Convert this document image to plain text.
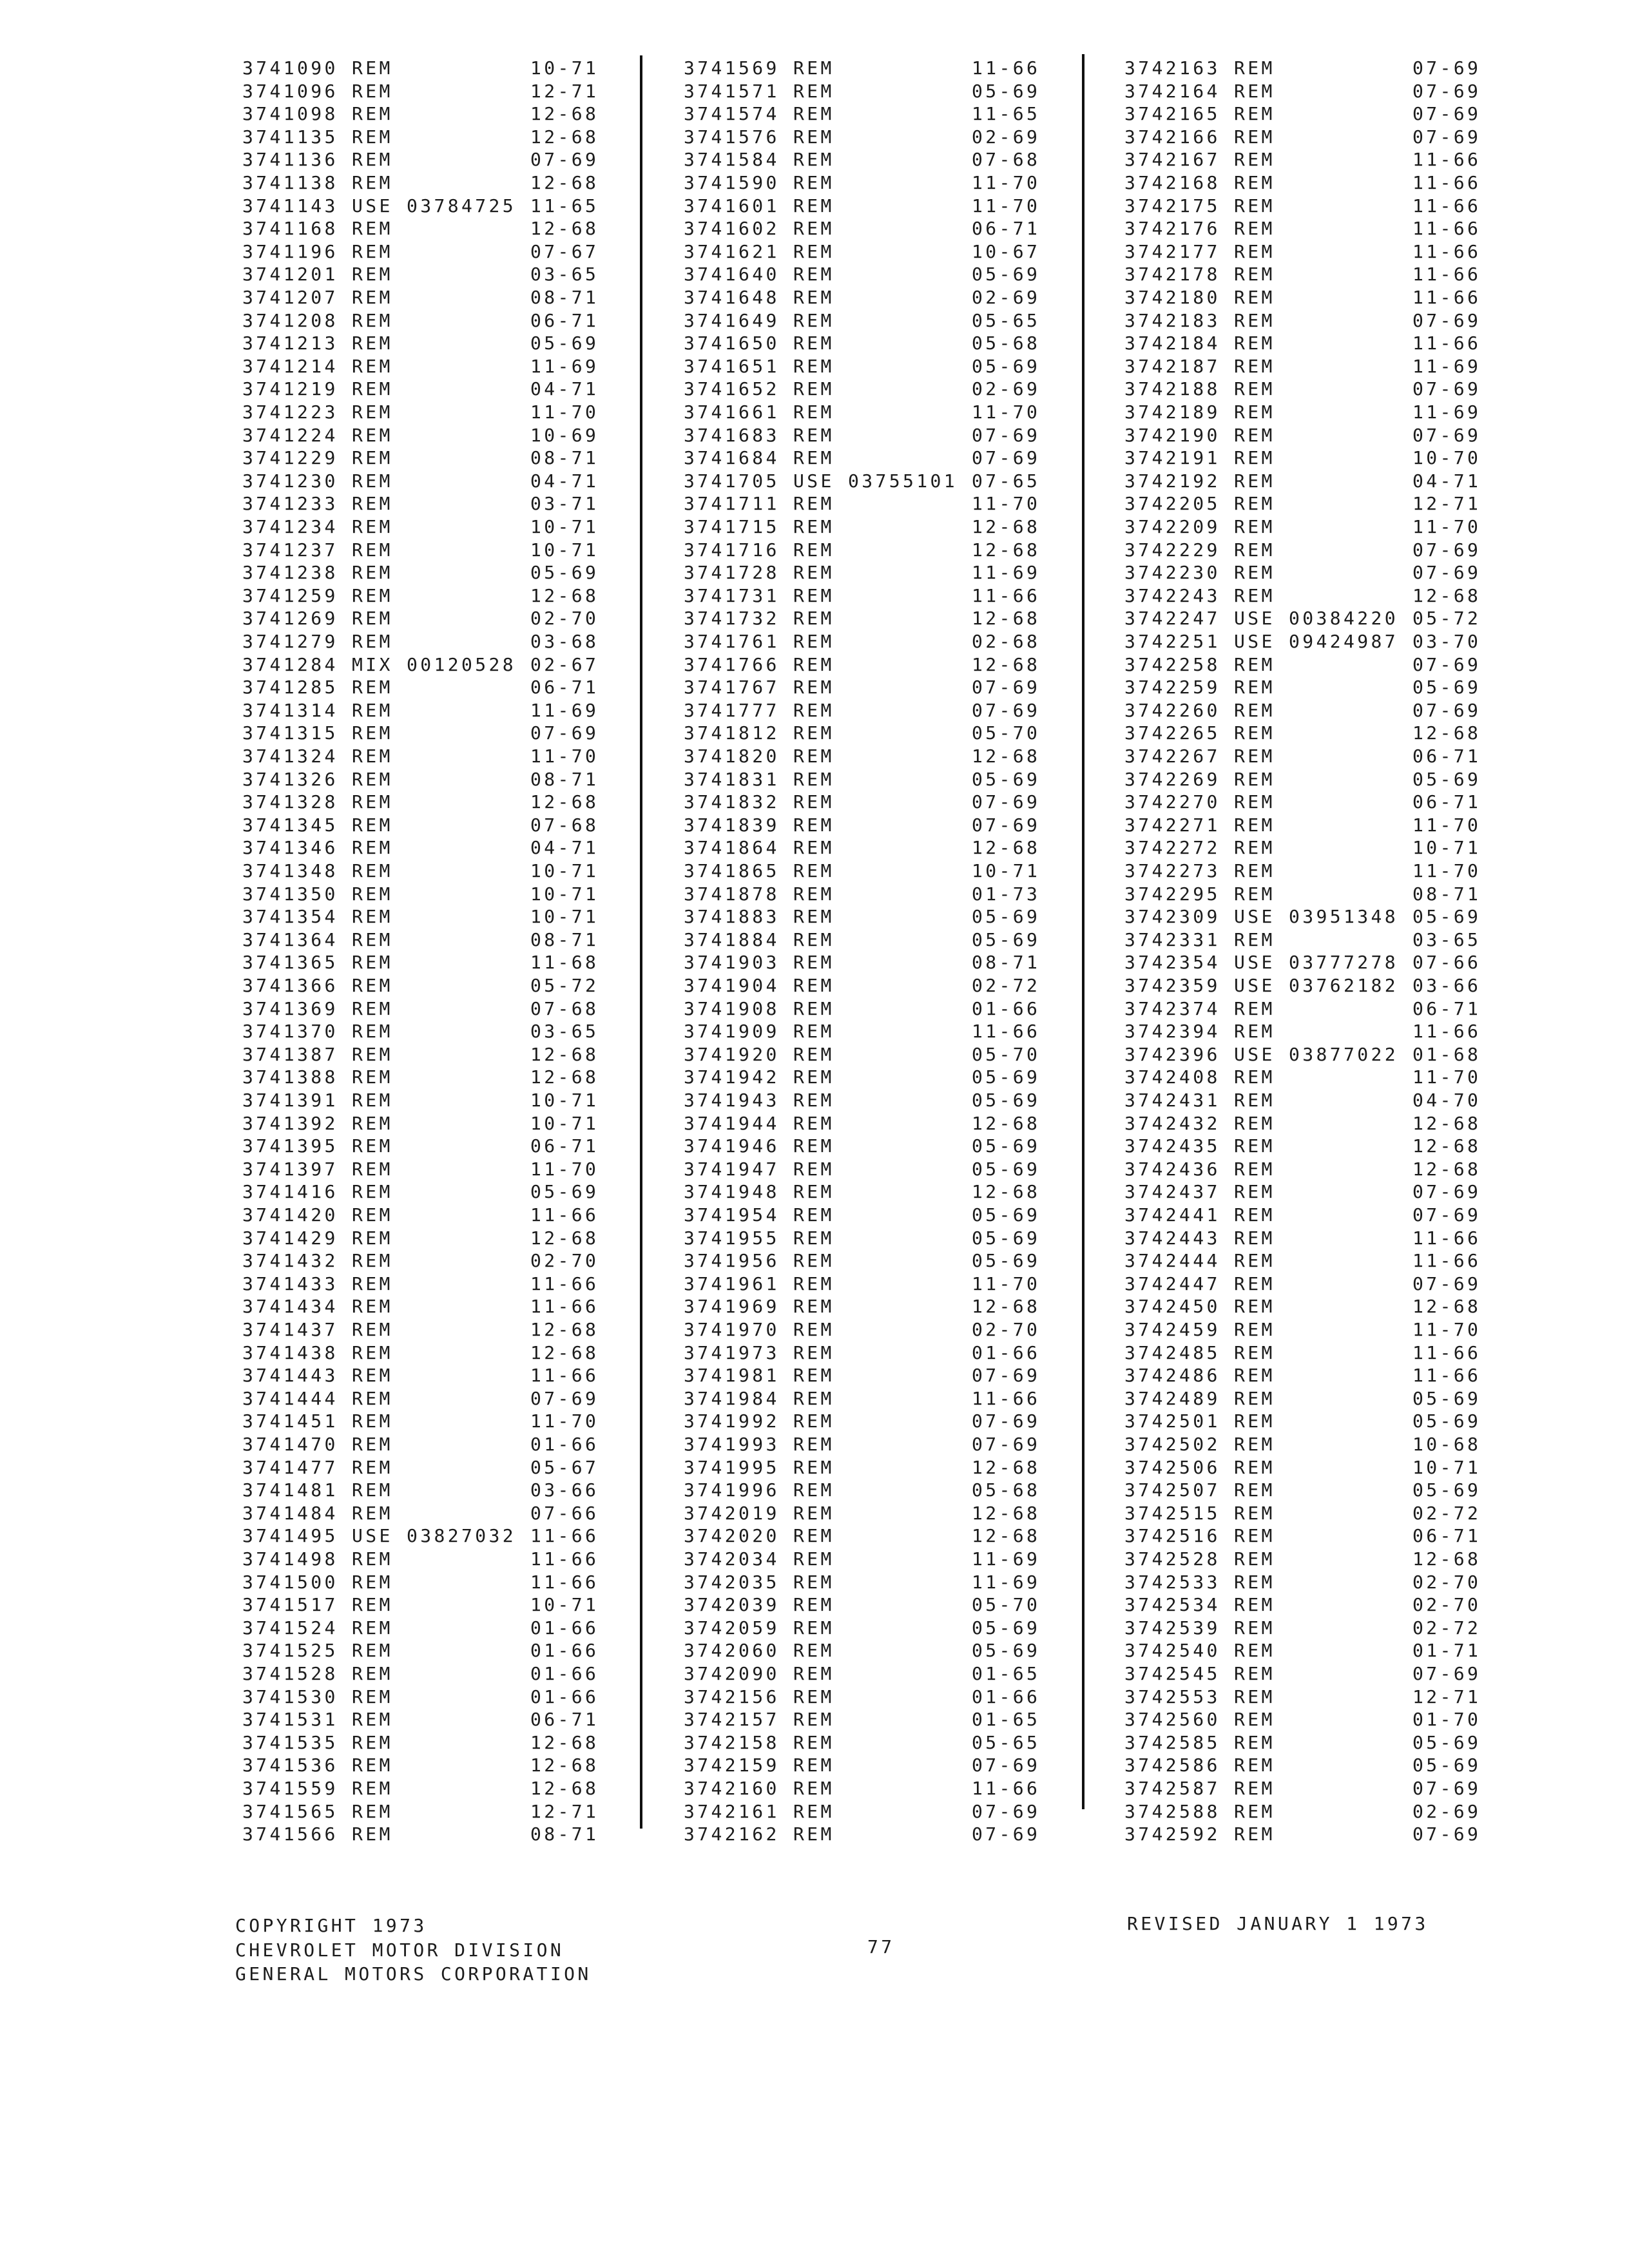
3741090 REM	10-71
3741096 REM	12-71
3741098 REM	12-68
3741135 REM	12-68
3741136 REM	07-69
3741138 REM	12-68
3741143 USE 03784725 11-65
3741168 REM	12-68
3741196 REM	07-67
3741201 REM	03-65
3741207 REM	08-71
3741208 REM	06-71
3741213 REM	05-69
3741214 REM	11-69
3741219 REM	04-71
3741223 REM	11-70
3741224 REM	10-69
3741229 REM	08-71
3741230 REM	04-71
3741233 REM	03-71
3741234 REM	10-71
3741237 REM	10-71
3741238 REM	05-69
3741259 REM	12-68
3741269 REM	02-70
3741279 REM	03-68
3741284 MIX 00120528 02-67
3741285 REM	06-71
3741314 REM	11-69
3741315 REM	07-69
3741324 REM	11-70
3741326 REM	08-71
3741328 REM	12-68
3741345 REM	07-68
3741346 REM	04-71
3741348 REM	10-71
3741350 REM	10-71
3741354 REM	10-71
3741364 REM	08-71
3741365 REM	11-68
3741366 REM	05-72
3741369 REM	07-68
3741370 REM	03-65
3741387 REM	12-68
3741388 REM	12-68
3741391 REM	10-71
3741392 REM	10-71
3741395 REM	06-71
3741397 REM	11-70
3741416 REM	05-69
3741420 REM	11-66
3741429 REM	12-68
3741432 REM	02-70
3741433 REM	11-66
3741434 REM	11-66
3741437 REM	12-68
3741438 REM	12-68
3741443 REM	11-66
3741444 REM	07-69
3741451 REM	11-70
3741470 REM	01-66
3741477 REM	05-67
3741481 REM	03-66
3741484 REM	07-66
3741495 USE 03827032 11-66
3741498 REM	11-66
3741500 REM	11-66
3741517 REM	10-71
3741524 REM	01-66
3741525 REM	01-66
3741528 REM	01-66
3741530 REM	01-66
3741531 REM	06-71
3741535 REM	12-68
3741536 REM	12-68
3741559 REM	12-68
3741565 REM	12-71
3741566 REM	08-71
3741569 REM	11-66
3741571 REM	05-69
3741574 REM	11-65
3741576 REM	02-69
3741584 REM	07-68
3741590 REM	11-70
3741601 REM	11-70
3741602 REM	06-71
3741621 REM	10-67
3741640 REM	05-69
3741648 REM	02-69
3741649 REM	05-65
3741650 REM	05-68
3741651 REM	05-69
3741652 REM	02-69
3741661 REM	11-70
3741683 REM	07-69
3741684 REM	07-69
3741705 USE 03755101 07-65
3741711 REM	11-70
3741715 REM	12-68
3741716 REM	12-68
3741728 REM	11-69
3741731 REM	11-66
3741732 REM	12-68
3741761 REM	02-68
3741766 REM	12-68
3741767 REM	07-69
3741777 REM	07-69
3741812 REM	05-70
3741820 REM	12-68
3741831 REM	05-69
3741832 REM	07-69
3741839 REM	07-69
3741864 REM	12-68
3741865 REM	10-71
3741878 REM	01-73
3741883 REM	05-69
3741884 REM	05-69
3741903 REM	08-71
3741904 REM	02-72
3741908 REM	01-66
3741909 REM	11-66
3741920 REM	05-70
3741942 REM	05-69
3741943 REM	05-69
3741944 REM	12-68
3741946 REM	05-69
3741947 REM	05-69
3741948 REM	12-68
3741954 REM	05-69
3741955 REM	05-69
3741956 REM	05-69
3741961 REM	11-70
3741969 REM	12-68
3741970 REM	02-70
3741973 REM	01-66
3741981 REM	07-69
3741984 REM	11-66
3741992 REM	07-69
3741993 REM	07-69
3741995 REM	12-68
3741996 REM	05-68
3742019 REM	12-68
3742020 REM	12-68
3742034 REM	11-69
3742035 REM	11-69
3742039 REM	05-70
3742059 REM	05-69
3742060 REM	05-69
3742090 REM	01-65
3742156 REM	01-66
3742157 REM	01-65
3742158 REM	05-65
3742159 REM	07-69
3742160 REM	11-66
3742161 REM	07-69
3742162 REM	07-69
3742163 REM	07-69
3742164 REM	07-69
3742165 REM	07-69
3742166 REM	07-69
3742167 REM	11-66
3742168 REM	11-66
3742175 REM	11-66
3742176 REM	11-66
3742177 REM	11-66
3742178 REM	11-66
3742180 REM	11-66
3742183 REM	07-69
3742184 REM	11-66
3742187 REM	11-69
3742188 REM	07-69
3742189 REM	11-69
3742190 REM	07-69
3742191 REM	10-70
3742192 REM	04-71
3742205 REM	12-71
3742209 REM	11-70
3742229 REM	07-69
3742230 REM	07-69
3742243 REM	12-68
3742247 USE 00384220 05-72
3742251 USE 09424987 03-70
3742258 REM	07-69
3742259 REM	05-69
3742260 REM	07-69
3742265 REM	12-68
3742267 REM	06-71
3742269 REM	05-69
3742270 REM	06-71
3742271 REM	11-70
3742272 REM	10-71
3742273 REM	11-70
3742295 REM	08-71
3742309 USE 03951348 05-69
3742331 REM	03-65
3742354 USE 03777278 07-66
3742359 USE 03762182 03-66
3742374 REM	06-71
3742394 REM	11-66
3742396 USE 03877022 01-68
3742408 REM	11-70
3742431 REM	04-70
3742432 REM	12-68
3742435 REM	12-68
3742436 REM	12-68
3742437 REM	07-69
3742441 REM	07-69
3742443 REM	11-66
3742444 REM	11-66
3742447 REM	07-69
3742450 REM	12-68
3742459 REM	11-70
3742485 REM	11-66
3742486 REM	11-66
3742489 REM	05-69
3742501 REM	05-69
3742502 REM	10-68
3742506 REM	10-71
3742507 REM	05-69
3742515 REM	02-72
3742516 REM	06-71
3742528 REM	12-68
3742533 REM	02-70
3742534 REM	02-70
3742539 REM	02-72
3742540 REM	01-71
3742545 REM	07-69
3742553 REM	12-71
3742560 REM	01-70
3742585 REM	05-69
3742586 REM	05-69
3742587 REM	07-69
3742588 REM	02-69
3742592 REM	07-69
COPYRIGHT 1973
CHEVROLET MOTOR DIVISION
GENERAL MOTORS CORPORATION
77
REVISED JANUARY 1 1973
